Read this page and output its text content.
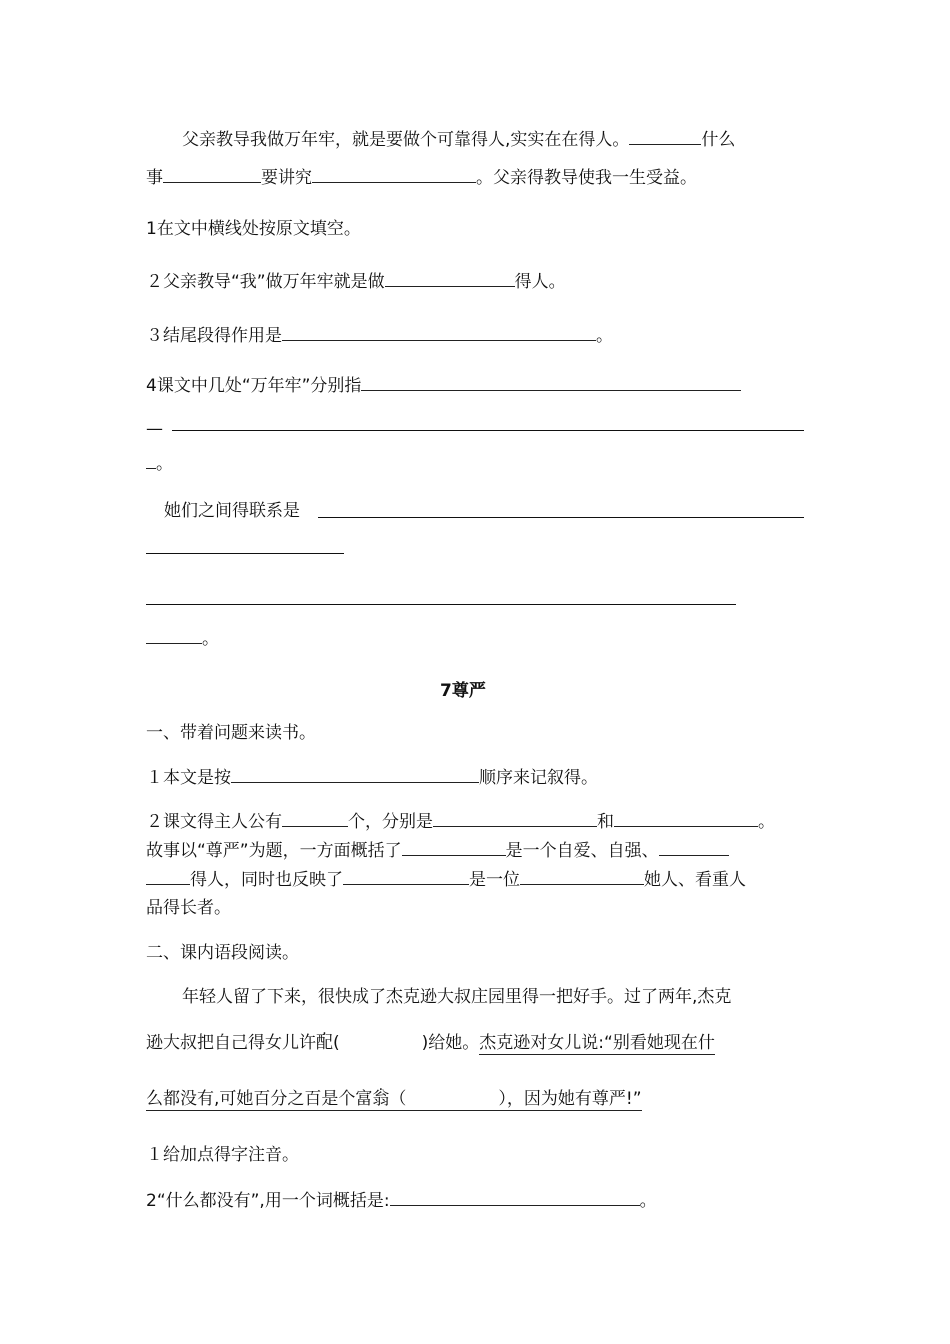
父亲教导我做万年牢，就是要做个可靠得人,实实在在得人。	什么
事	要讲究	。父亲得教导使我一生受益。
1在文中横线处按原文填空。
２父亲教导“我”做万年牢就是做	得人。
３结尾段得作用是	。
4课文中几处“万年牢”分别指
—
。
她们之间得联系是
。
7尊严
一、带着问题来读书。
１本文是按	顺序来记叙得。
２课文得主人公有	个，分别是	和	。
故事以“尊严”为题，一方面概括了	是一个自爱、自强、
得人，同时也反映了	是一位	她人、看重人
品得长者。
二、课内语段阅读。
年轻人留了下来，很快成了杰克逊大叔庄园里得一把好手。过了两年,杰克
逊大叔把自己得女儿许配(	)给她。杰克逊对女儿说:“别看她现在什
么都没有,可她百分之百是个富翁（	），因为她有尊严!”
１给加点得字注音。
2“什么都没有”,用一个词概括是:	。
